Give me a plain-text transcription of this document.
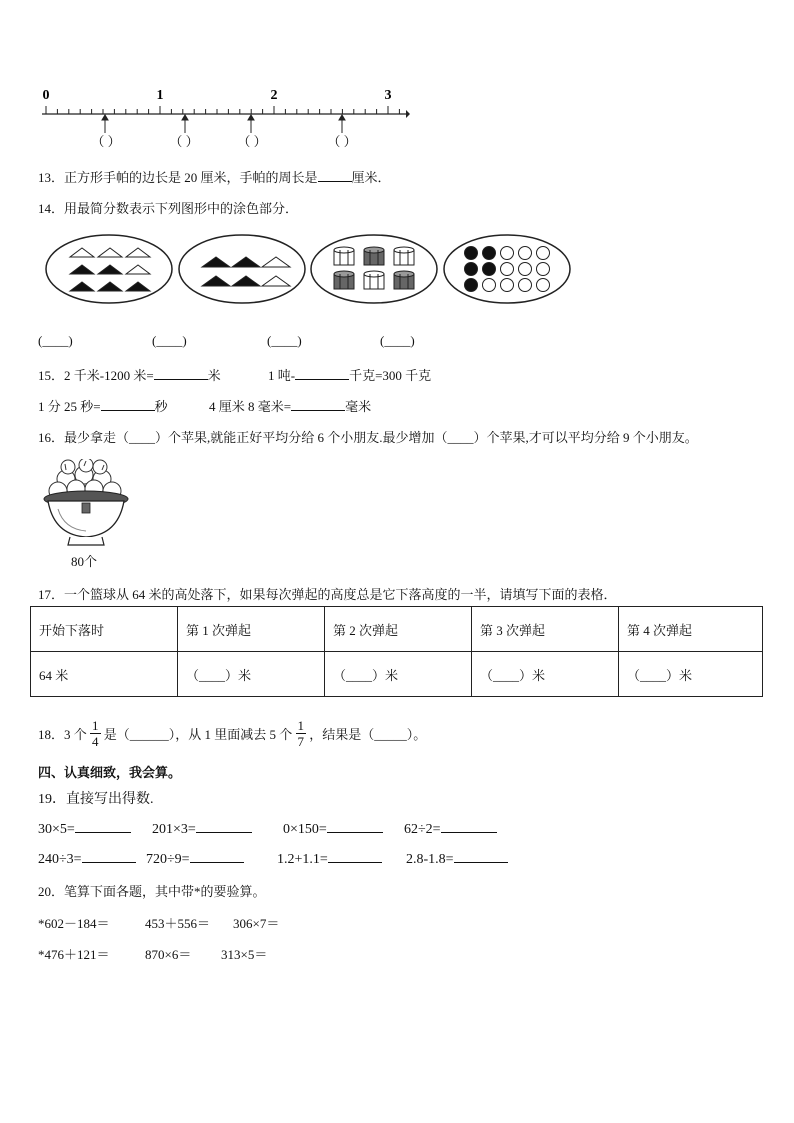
0	1	2	3
（ ）	（ ）	（ ）	（ ）
13．正方形手帕的边长是 20 厘米，手帕的周长是	厘米．
14．用最简分数表示下列图形中的涂色部分．
(____)	(____)	(____)	(____)
15．2 千米-1200 米=	米	1 吨-	千克=300 千克
1 分 25 秒=	秒	4 厘米 8 毫米=	毫米
16．最少拿走（____）个苹果,就能正好平均分给 6 个小朋友.最少增加（____）个苹果,才可以平均分给 9 个小朋友。
80个
17．一个篮球从 64 米的高处落下，如果每次弹起的高度总是它下落高度的一半，请填写下面的表格．
开始下落时	第 1 次弹起	第 2 次弹起	第 3 次弹起	第 4 次弹起
64 米	（____）米	（____）米	（____）米	（____）米
18．3 个 $\frac{1}{4}$ 是（______），从 1 里面减去 5 个 $\frac{1}{7}$ ，结果是（_____）。
四、认真细致，我会算。
19．直接写出得数.
30×5=	201×3=	0×150=	62÷2=
240÷3=	720÷9=	1.2+1.1=	2.8-1.8=
20．笔算下面各题，其中带*的要验算。
*602－184＝	453＋556＝ 306×7＝
*476＋121＝	870×6＝ 313×5＝
